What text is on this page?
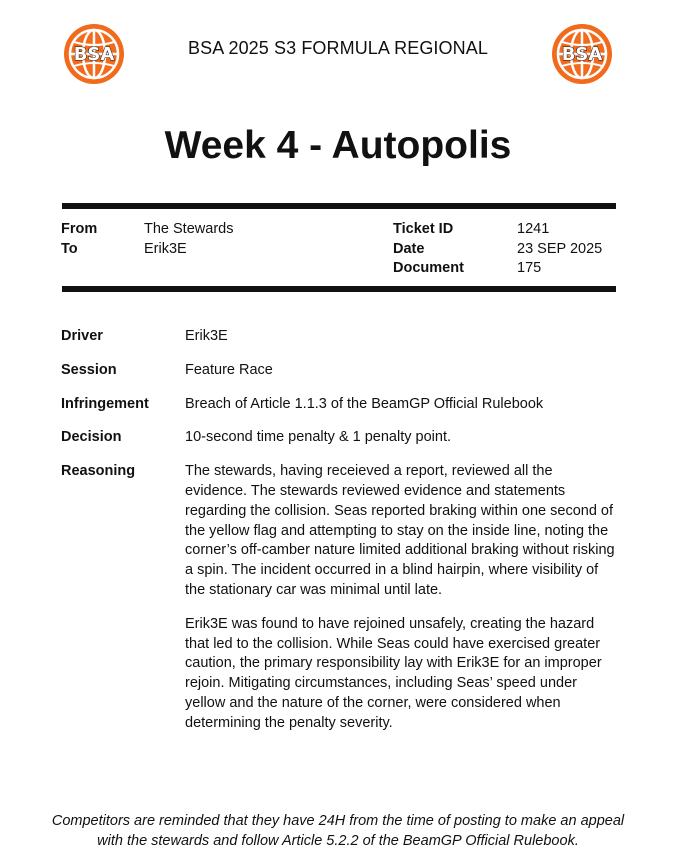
BSA	BSA
BSA 2025 S3 FORMULA REGIONAL
Week 4 - Autopolis
From	The Stewards
To	Erik3E
Ticket ID	1241
Date	23 SEP 2025
Document	175
Driver	Erik3E
Session	Feature Race
Infringement	Breach of Article 1.1.3 of the BeamGP Official Rulebook
Decision	10-second time penalty & 1 penalty point.
Reasoning	The stewards, having receieved a report, reviewed all the evidence. The stewards reviewed evidence and statements regarding the collision. Seas reported braking within one second of the yellow flag and attempting to stay on the inside line, noting the corner’s off-camber nature limited additional braking without risking a spin. The incident occurred in a blind hairpin, where visibility of the stationary car was minimal until late.

Erik3E was found to have rejoined unsafely, creating the hazard that led to the collision. While Seas could have exercised greater caution, the primary responsibility lay with Erik3E for an improper rejoin. Mitigating circumstances, including Seas’ speed under yellow and the nature of the corner, were considered when determining the penalty severity.

Competitors are reminded that they have 24H from the time of posting to make an appeal with the stewards and follow Article 5.2.2 of the BeamGP Official Rulebook.
